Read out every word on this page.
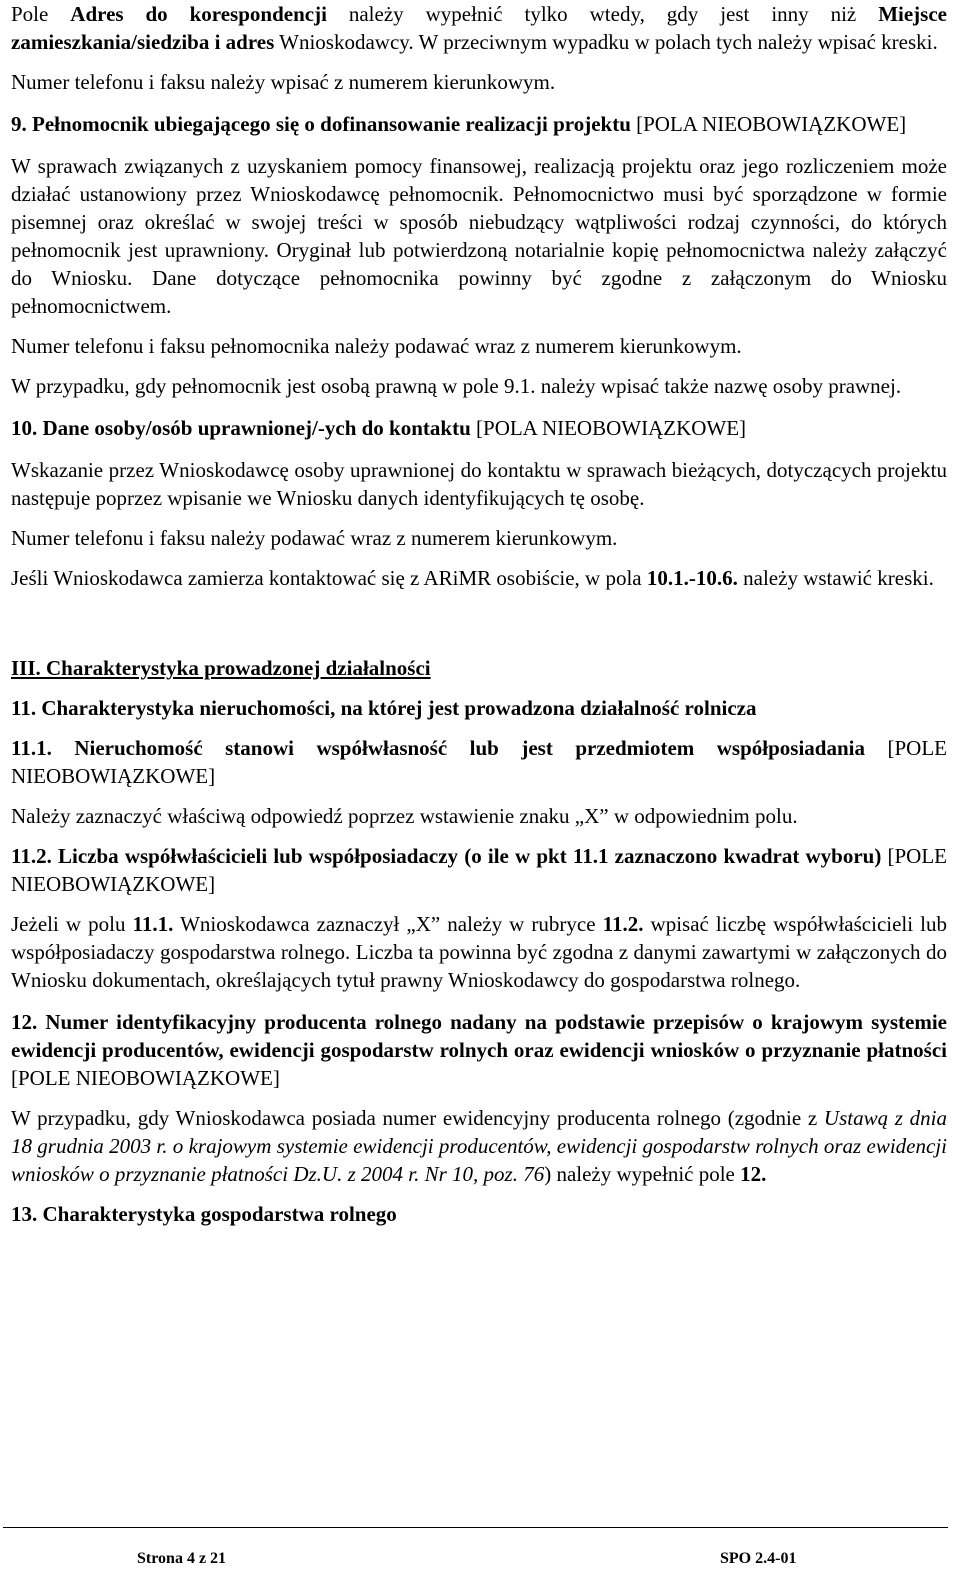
Pole Adres do korespondencji należy wypełnić tylko wtedy, gdy jest inny niż Miejsce zamieszkania/siedziba i adres Wnioskodawcy. W przeciwnym wypadku w polach tych należy wpisać kreski.

Numer telefonu i faksu należy wpisać z numerem kierunkowym.

9. Pełnomocnik ubiegającego się o dofinansowanie realizacji projektu [POLA NIEOBOWIĄZKOWE]

W sprawach związanych z uzyskaniem pomocy finansowej, realizacją projektu oraz jego rozliczeniem może działać ustanowiony przez Wnioskodawcę pełnomocnik. Pełnomocnictwo musi być sporządzone w formie pisemnej oraz określać w swojej treści w sposób niebudzący wątpliwości rodzaj czynności, do których pełnomocnik jest uprawniony. Oryginał lub potwierdzoną notarialnie kopię pełnomocnictwa należy załączyć do Wniosku. Dane dotyczące pełnomocnika powinny być zgodne z załączonym do Wniosku pełnomocnictwem.

Numer telefonu i faksu pełnomocnika należy podawać wraz z numerem kierunkowym.

W przypadku, gdy pełnomocnik jest osobą prawną w pole 9.1. należy wpisać także nazwę osoby prawnej.

10. Dane osoby/osób uprawnionej/-ych do kontaktu [POLA NIEOBOWIĄZKOWE]

Wskazanie przez Wnioskodawcę osoby uprawnionej do kontaktu w sprawach bieżących, dotyczących projektu następuje poprzez wpisanie we Wniosku danych identyfikujących tę osobę.

Numer telefonu i faksu należy podawać wraz z numerem kierunkowym.

Jeśli Wnioskodawca zamierza kontaktować się z ARiMR osobiście, w pola 10.1.-10.6. należy wstawić kreski.

III. Charakterystyka prowadzonej działalności

11. Charakterystyka nieruchomości, na której jest prowadzona działalność rolnicza

11.1. Nieruchomość stanowi współwłasność lub jest przedmiotem współposiadania [POLE NIEOBOWIĄZKOWE]

Należy zaznaczyć właściwą odpowiedź poprzez wstawienie znaku „X” w odpowiednim polu.

11.2. Liczba współwłaścicieli lub współposiadaczy (o ile w pkt 11.1 zaznaczono kwadrat wyboru) [POLE NIEOBOWIĄZKOWE]

Jeżeli w polu 11.1. Wnioskodawca zaznaczył „X” należy w rubryce 11.2. wpisać liczbę współwłaścicieli lub współposiadaczy gospodarstwa rolnego. Liczba ta powinna być zgodna z danymi zawartymi w załączonych do Wniosku dokumentach, określających tytuł prawny Wnioskodawcy do gospodarstwa rolnego.

12. Numer identyfikacyjny producenta rolnego nadany na podstawie przepisów o krajowym systemie ewidencji producentów, ewidencji gospodarstw rolnych oraz ewidencji wniosków o przyznanie płatności [POLE NIEOBOWIĄZKOWE]

W przypadku, gdy Wnioskodawca posiada numer ewidencyjny producenta rolnego (zgodnie z Ustawą z dnia 18 grudnia 2003 r. o krajowym systemie ewidencji producentów, ewidencji gospodarstw rolnych oraz ewidencji wniosków o przyznanie płatności Dz.U. z 2004 r. Nr 10, poz. 76) należy wypełnić pole 12.

13. Charakterystyka gospodarstwa rolnego

Strona 4 z 21	SPO 2.4-01
